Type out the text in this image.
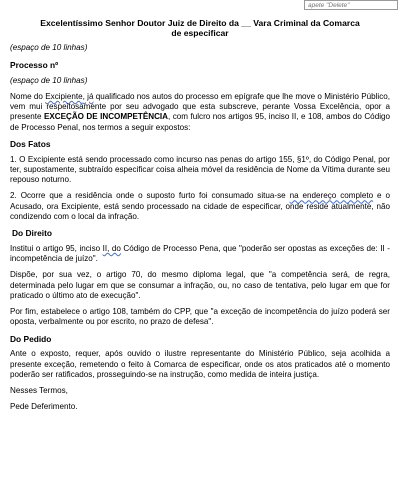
apete "Delete"
Excelentíssimo Senhor Doutor Juiz de Direito da __ Vara Criminal da Comarca
de especificar
(espaço de 10 linhas)
Processo nº
(espaço de 10 linhas)

Nome do Excipiente, já qualificado nos autos do processo em epígrafe que lhe move o Ministério Público, vem mui respeitosamente por seu advogado que esta subscreve, perante Vossa Excelência, opor a presente EXCEÇÃO DE INCOMPETÊNCIA, com fulcro nos artigos 95, inciso II, e 108, ambos do Código de Processo Penal, nos termos a seguir expostos:

Dos Fatos

1. O Excipiente está sendo processado como incurso nas penas do artigo 155, §1º, do Código Penal, por ter, supostamente, subtraído especificar coisa alheia móvel da residência de Nome da Vítima durante seu repouso noturno.

2. Ocorre que a residência onde o suposto furto foi consumado situa-se na endereço completo e o Acusado, ora Excipiente, está sendo processado na cidade de especificar, onde reside atualmente, não condizendo com o local da infração.

Do Direito

Institui o artigo 95, inciso II, do Código de Processo Pena, que "poderão ser opostas as exceções de: II - incompetência de juízo".

Dispõe, por sua vez, o artigo 70, do mesmo diploma legal, que "a competência será, de regra, determinada pelo lugar em que se consumar a infração, ou, no caso de tentativa, pelo lugar em que for praticado o último ato de execução".

Por fim, estabelece o artigo 108, também do CPP, que "a exceção de incompetência do juízo poderá ser oposta, verbalmente ou por escrito, no prazo de defesa".

Do Pedido

Ante o exposto, requer, após ouvido o ilustre representante do Ministério Público, seja acolhida a presente exceção, remetendo o feito à Comarca de especificar, onde os atos praticados até o momento poderão ser ratificados, prosseguindo-se na instrução, como medida de inteira justiça.

Nesses Termos,

Pede Deferimento.
